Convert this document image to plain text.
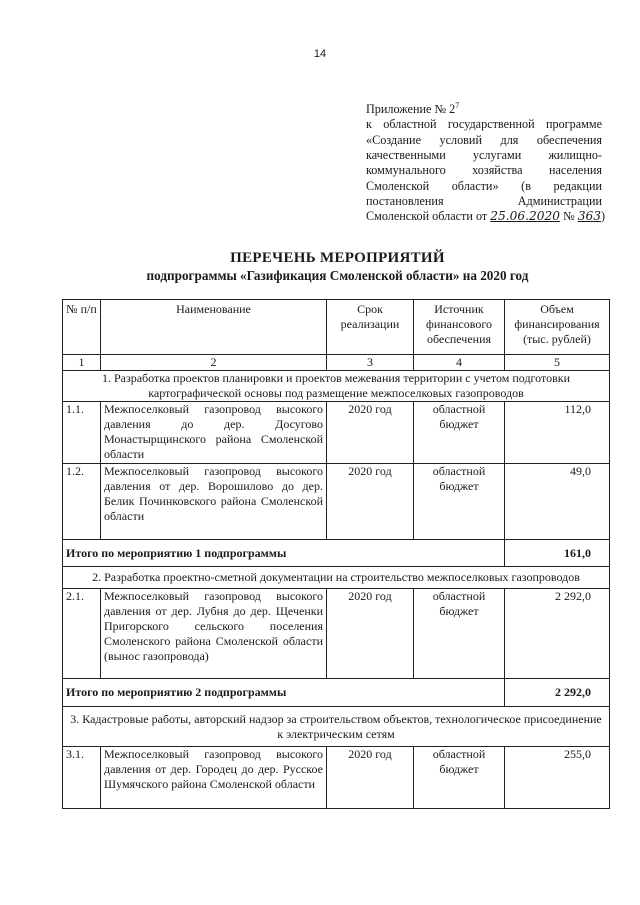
14
Приложение № $2^7$
к областной государственной программе
«Создание условий для обеспечения
качественными услугами жилищно-
коммунального хозяйства населения
Смоленской области» (в редакции
постановления Администрации
Смоленской области от 25.06.2020 № 363)
ПЕРЕЧЕНЬ МЕРОПРИЯТИЙ
подпрограммы «Газификация Смоленской области» на 2020 год
№ п/п	Наименование	Срок реализации	Источник финансового обеспечения	Объем финансирования (тыс. рублей)
1	2	3	4	5
1. Разработка проектов планировки и проектов межевания территории с учетом подготовки картографической основы под размещение межпоселковых газопроводов				
1.1.	Межпоселковый газопровод высокого давления до дер. Досугово Монастырщинского района Смоленской области	2020 год	областной бюджет	112,0
1.2.	Межпоселковый газопровод высокого давления от дер. Ворошилово до дер. Белик Починковского района Смоленской области	2020 год	областной бюджет	49,0
Итого по мероприятию 1 подпрограммы				161,0
2. Разработка проектно-сметной документации на строительство межпоселковых газопроводов				
2.1.	Межпоселковый газопровод высокого давления от дер. Лубня до дер. Щеченки Пригорского сельского поселения Смоленского района Смоленской области (вынос газопровода)	2020 год	областной бюджет	2 292,0
Итого по мероприятию 2 подпрограммы				2 292,0
3. Кадастровые работы, авторский надзор за строительством объектов, технологическое присоединение к электрическим сетям				
3.1.	Межпоселковый газопровод высокого давления от дер. Городец до дер. Русское Шумячского района Смоленской области	2020 год	областной бюджет	255,0
